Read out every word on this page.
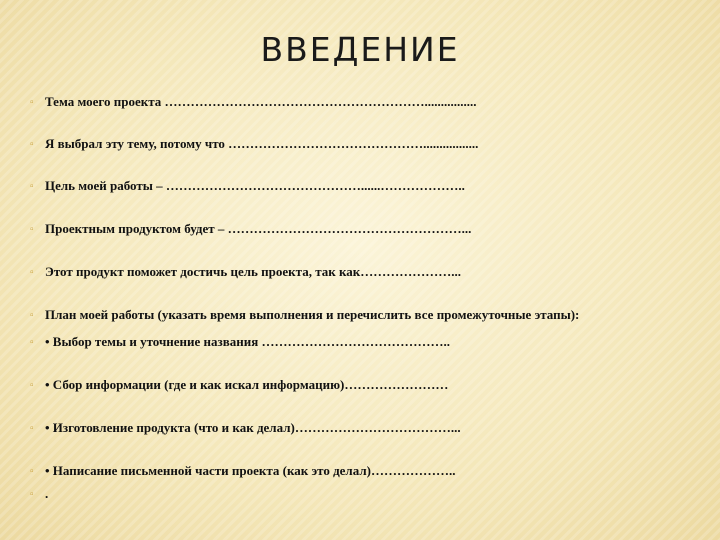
ВВЕДЕНИЕ
▫ Тема моего проекта ……………………………………………………................
▫ Я выбрал эту тему, потому что ……………………………………….................
▫ Цель моей работы – ………………………………………......………………..
▫ Проектным продуктом будет – ………………………………………………...
▫ Этот продукт поможет достичь цель проекта, так как…………………...
▫ План моей работы (указать время выполнения и перечислить все промежуточные этапы):
▫ • Выбор темы и уточнение названия ……………………………………..
▫ • Сбор информации (где и как искал информацию)……………………
▫ • Изготовление продукта (что и как делал)………………………………...
▫ • Написание письменной части проекта (как это делал)………………..
▫ .
